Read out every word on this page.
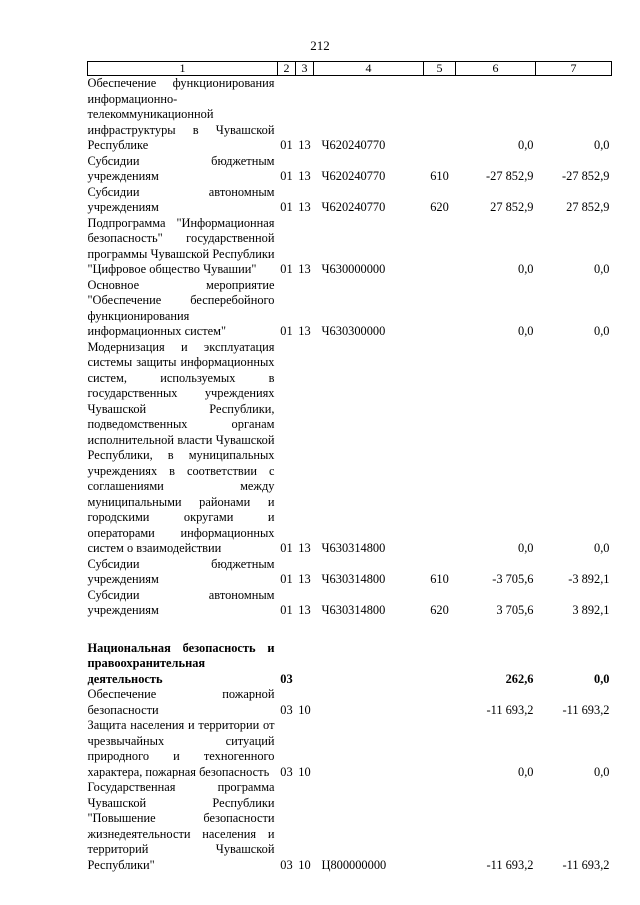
212
1	2	3	4	5	6	7
Обеспечение функционирования информационно-телекоммуникационной инфраструктуры в Чувашской Республике	01	13	Ч620240770		0,0	0,0
Субсидии бюджетным учреждениям	01	13	Ч620240770	610	-27 852,9	-27 852,9
Субсидии автономным учреждениям	01	13	Ч620240770	620	27 852,9	27 852,9
Подпрограмма "Информационная безопасность" государственной программы Чувашской Республики "Цифровое общество Чувашии"	01	13	Ч630000000		0,0	0,0
Основное мероприятие "Обеспечение бесперебойного функционирования информационных систем"	01	13	Ч630300000		0,0	0,0
Модернизация и эксплуатация системы защиты информационных систем, используемых в государственных учреждениях Чувашской Республики, подведомственных органам исполнительной власти Чувашской Республики, в муниципальных учреждениях в соответствии с соглашениями между муниципальными районами и городскими округами и операторами информационных систем о взаимодействии	01	13	Ч630314800		0,0	0,0
Субсидии бюджетным учреждениям	01	13	Ч630314800	610	-3 705,6	-3 892,1
Субсидии автономным учреждениям	01	13	Ч630314800	620	3 705,6	3 892,1

Национальная безопасность и правоохранительная деятельность	03				262,6	0,0
Обеспечение пожарной безопасности	03	10			-11 693,2	-11 693,2
Защита населения и территории от чрезвычайных ситуаций природного и техногенного характера, пожарная безопасность	03	10			0,0	0,0
Государственная программа Чувашской Республики "Повышение безопасности жизнедеятельности населения и территорий Чувашской Республики"	03	10	Ц800000000		-11 693,2	-11 693,2
